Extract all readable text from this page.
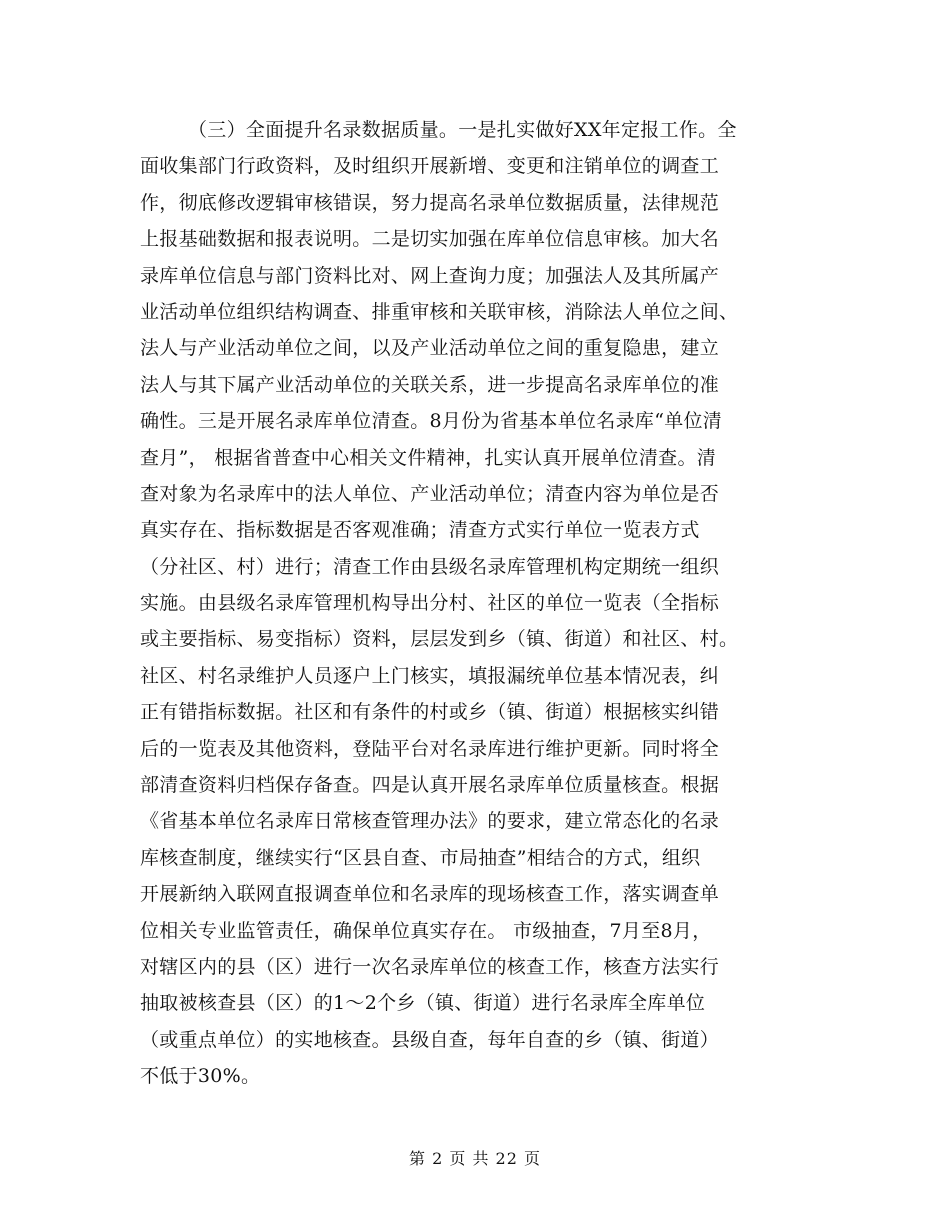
（三）全面提升名录数据质量。一是扎实做好XX年定报工作。全
面收集部门行政资料，及时组织开展新增、变更和注销单位的调查工
作，彻底修改逻辑审核错误，努力提高名录单位数据质量，法律规范
上报基础数据和报表说明。二是切实加强在库单位信息审核。加大名
录库单位信息与部门资料比对、网上查询力度；加强法人及其所属产
业活动单位组织结构调查、排重审核和关联审核，消除法人单位之间、
法人与产业活动单位之间，以及产业活动单位之间的重复隐患，建立
法人与其下属产业活动单位的关联关系，进一步提高名录库单位的准
确性。三是开展名录库单位清查。8月份为省基本单位名录库“单位清
查月”， 根据省普查中心相关文件精神，扎实认真开展单位清查。清
查对象为名录库中的法人单位、产业活动单位；清查内容为单位是否
真实存在、指标数据是否客观准确；清查方式实行单位一览表方式
（分社区、村）进行；清查工作由县级名录库管理机构定期统一组织
实施。由县级名录库管理机构导出分村、社区的单位一览表（全指标
或主要指标、易变指标）资料，层层发到乡（镇、街道）和社区、村。
社区、村名录维护人员逐户上门核实，填报漏统单位基本情况表，纠
正有错指标数据。社区和有条件的村或乡（镇、街道）根据核实纠错
后的一览表及其他资料，登陆平台对名录库进行维护更新。同时将全
部清查资料归档保存备查。四是认真开展名录库单位质量核查。根据
《省基本单位名录库日常核查管理办法》的要求，建立常态化的名录
库核查制度，继续实行“区县自查、市局抽查”相结合的方式，组织
开展新纳入联网直报调查单位和名录库的现场核查工作，落实调查单
位相关专业监管责任，确保单位真实存在。 市级抽查，7月至8月，
对辖区内的县（区）进行一次名录库单位的核查工作，核查方法实行
抽取被核查县（区）的1～2个乡（镇、街道）进行名录库全库单位
（或重点单位）的实地核查。县级自查，每年自查的乡（镇、街道）
不低于30%。
第 2 页 共 22 页
